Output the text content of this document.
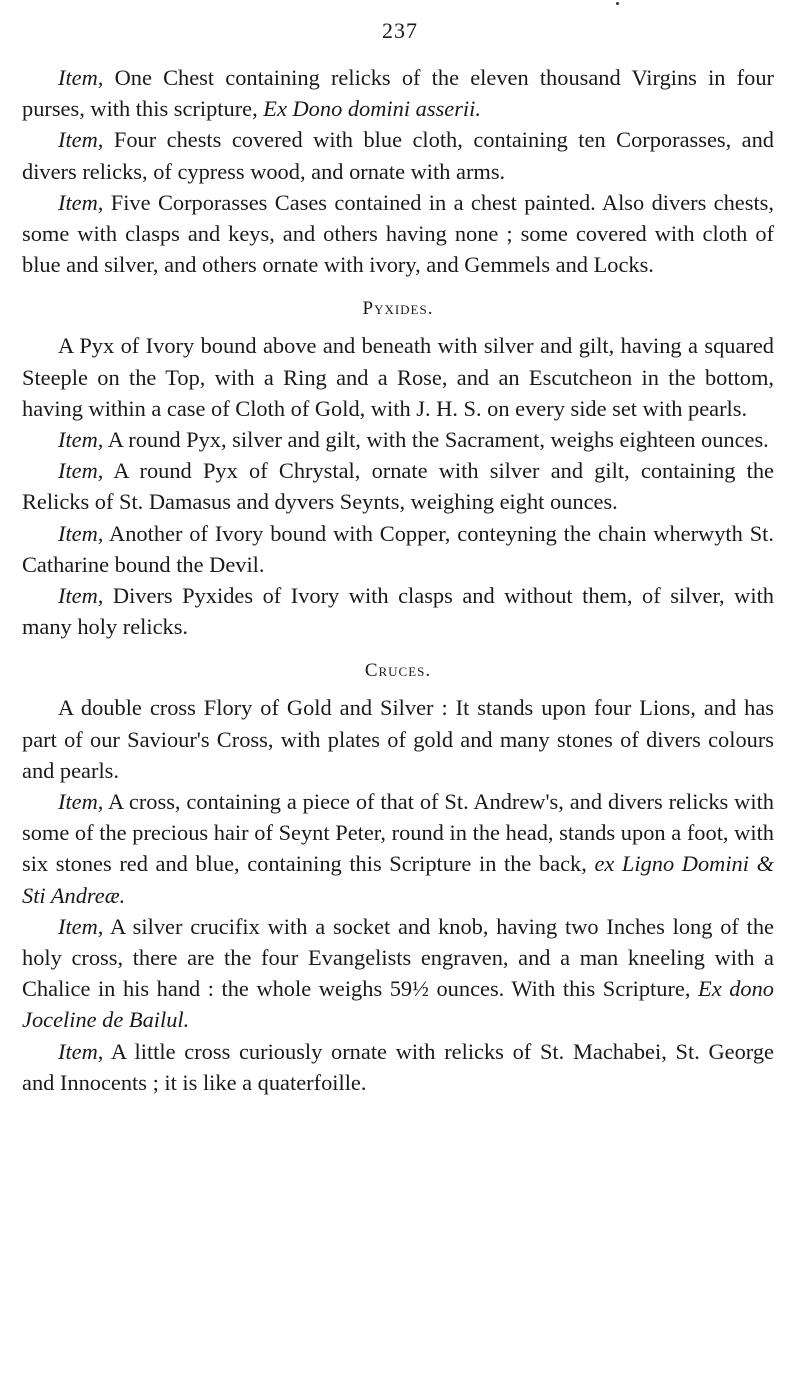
237

Item, One Chest containing relicks of the eleven thousand Virgins in four purses, with this scripture, Ex Dono domini asserii.

Item, Four chests covered with blue cloth, containing ten Corporasses, and divers relicks, of cypress wood, and ornate with arms.

Item, Five Corporasses Cases contained in a chest painted. Also divers chests, some with clasps and keys, and others having none ; some covered with cloth of blue and silver, and others ornate with ivory, and Gemmels and Locks.

Pyxides.

A Pyx of Ivory bound above and beneath with silver and gilt, having a squared Steeple on the Top, with a Ring and a Rose, and an Escutcheon in the bottom, having within a case of Cloth of Gold, with J. H. S. on every side set with pearls.

Item, A round Pyx, silver and gilt, with the Sacrament, weighs eighteen ounces.

Item, A round Pyx of Chrystal, ornate with silver and gilt, containing the Relicks of St. Damasus and dyvers Seynts, weighing eight ounces.

Item, Another of Ivory bound with Copper, conteyning the chain wherwyth St. Catharine bound the Devil.

Item, Divers Pyxides of Ivory with clasps and without them, of silver, with many holy relicks.

Cruces.

A double cross Flory of Gold and Silver : It stands upon four Lions, and has part of our Saviour's Cross, with plates of gold and many stones of divers colours and pearls.

Item, A cross, containing a piece of that of St. Andrew's, and divers relicks with some of the precious hair of Seynt Peter, round in the head, stands upon a foot, with six stones red and blue, containing this Scripture in the back, ex Ligno Domini & Sti Andreæ.

Item, A silver crucifix with a socket and knob, having two Inches long of the holy cross, there are the four Evangelists engraven, and a man kneeling with a Chalice in his hand : the whole weighs 59½ ounces. With this Scripture, Ex dono Joceline de Bailul.

Item, A little cross curiously ornate with relicks of St. Machabei, St. George and Innocents ; it is like a quaterfoille.
